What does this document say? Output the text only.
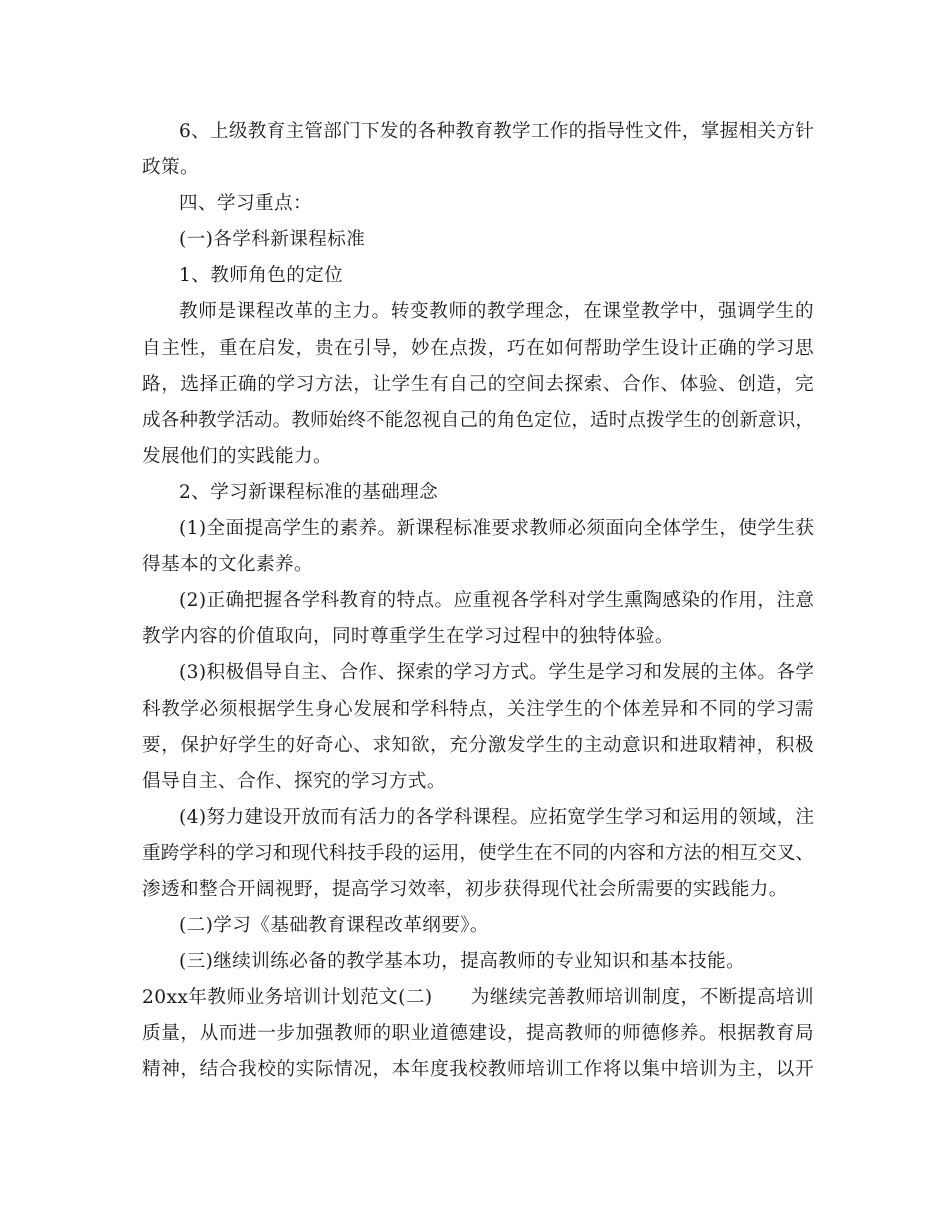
6、上级教育主管部门下发的各种教育教学工作的指导性文件，掌握相关方针
政策。
四、学习重点：
(一)各学科新课程标准
1、教师角色的定位
教师是课程改革的主力。转变教师的教学理念，在课堂教学中，强调学生的
自主性，重在启发，贵在引导，妙在点拨，巧在如何帮助学生设计正确的学习思
路，选择正确的学习方法，让学生有自己的空间去探索、合作、体验、创造，完
成各种教学活动。教师始终不能忽视自己的角色定位，适时点拨学生的创新意识，
发展他们的实践能力。
2、学习新课程标准的基础理念
(1)全面提高学生的素养。新课程标准要求教师必须面向全体学生，使学生获
得基本的文化素养。
(2)正确把握各学科教育的特点。应重视各学科对学生熏陶感染的作用，注意
教学内容的价值取向，同时尊重学生在学习过程中的独特体验。
(3)积极倡导自主、合作、探索的学习方式。学生是学习和发展的主体。各学
科教学必须根据学生身心发展和学科特点，关注学生的个体差异和不同的学习需
要，保护好学生的好奇心、求知欲，充分激发学生的主动意识和进取精神，积极
倡导自主、合作、探究的学习方式。
(4)努力建设开放而有活力的各学科课程。应拓宽学生学习和运用的领域，注
重跨学科的学习和现代科技手段的运用，使学生在不同的内容和方法的相互交叉、
渗透和整合开阔视野，提高学习效率，初步获得现代社会所需要的实践能力。
(二)学习《基础教育课程改革纲要》。
(三)继续训练必备的教学基本功，提高教师的专业知识和基本技能。
20xx年教师业务培训计划范文(二)　　为继续完善教师培训制度，不断提高培训
质量，从而进一步加强教师的职业道德建设，提高教师的师德修养。根据教育局
精神，结合我校的实际情况，本年度我校教师培训工作将以集中培训为主，以开
